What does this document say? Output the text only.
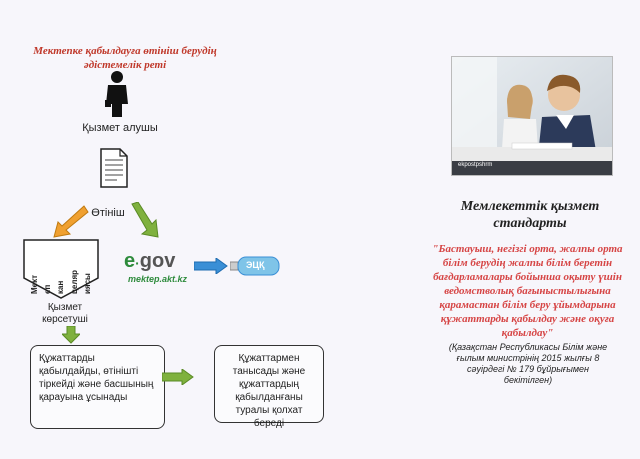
Мектепке қабылдауға өтініш берудің
әдістемелік реті
Қызмет алушы
Өтініш
Мект еп кан целяр иясы
Қызмет
көрсетуші
e·gov
mektep.akt.kz
ЭЦҚ
Құжаттарды қабылдайды, өтінішті тіркейді және басшының қарауына ұсынады
Құжаттармен танысады және құжаттардың қабылданғаны туралы қолхат береді
ekpostpshrm
Мемлекеттік қызмет
стандарты
"Бастауыш, негізгі орта, жалпы орта білім берудің жалпы білім беретін бағдарламалары бойынша оқыту үшін ведомстволық бағыныстылығына қарамастан білім беру ұйымдарына құжаттарды қабылдау және оқуға қабылдау"
(Қазақстан Республикасы Білім және ғылым министрінің 2015 жылғы 8 сәуірдегі № 179 бұйрығымен бекітілген)
